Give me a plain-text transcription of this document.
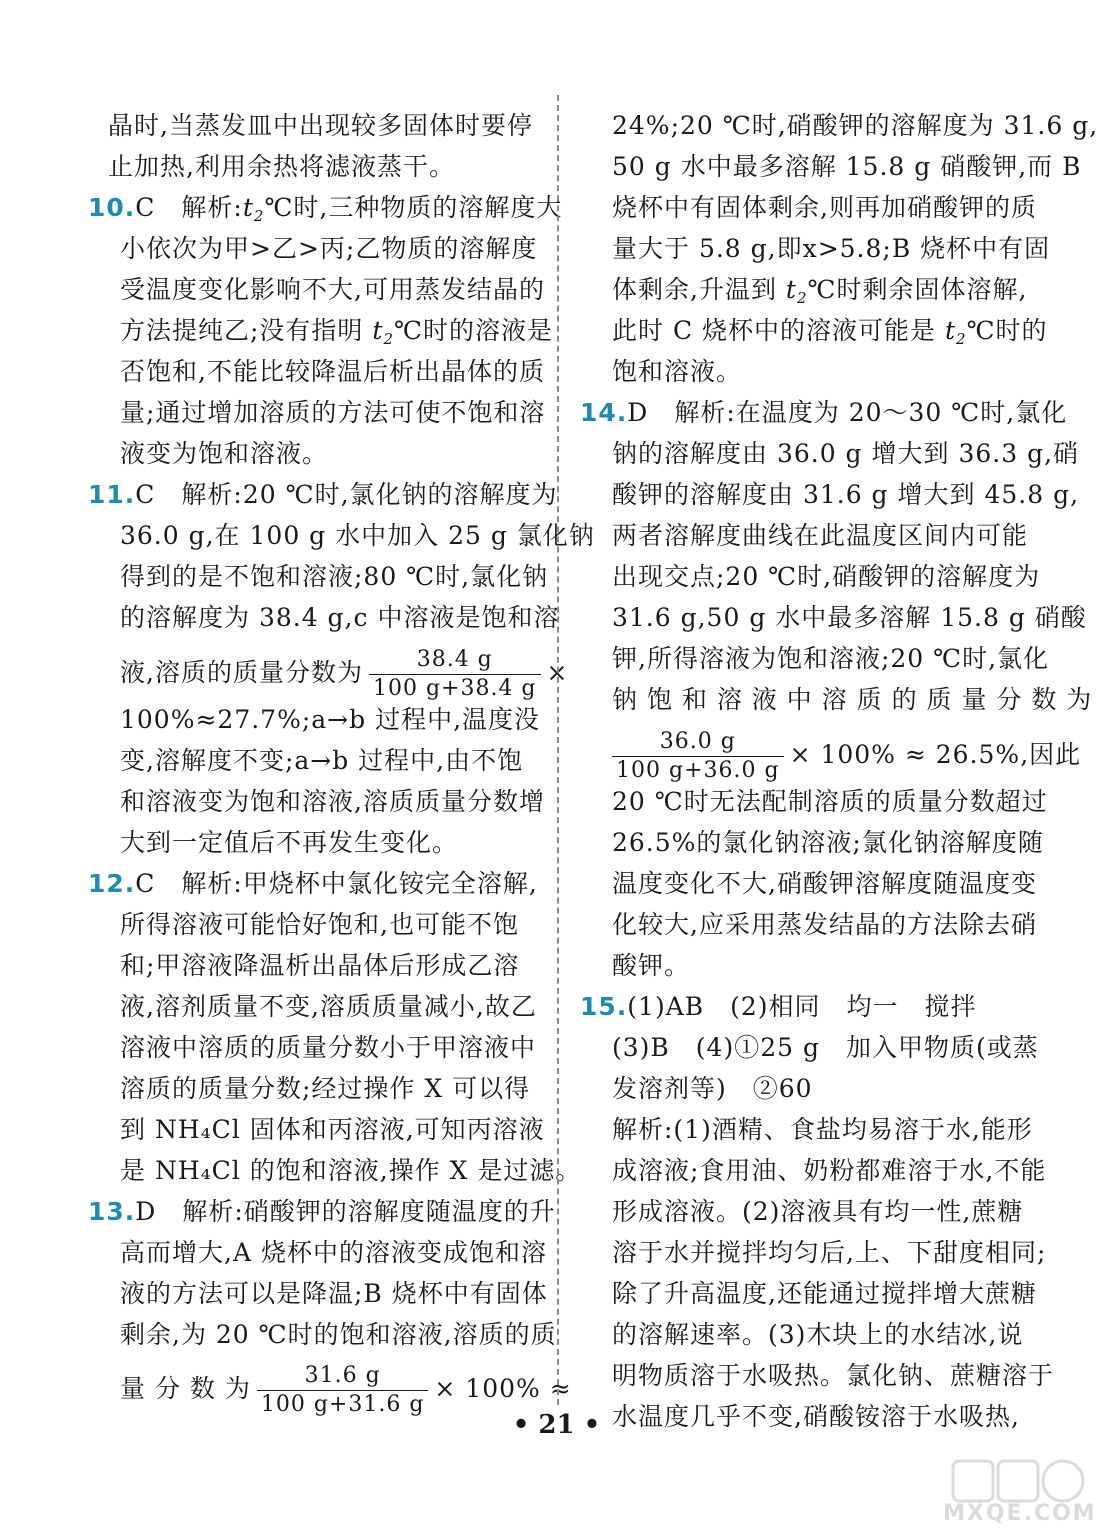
晶时,当蒸发皿中出现较多固体时要停
止加热,利用余热将滤液蒸干。
10.C　解析$:t_2℃$时,三种物质的溶解度大
小依次为甲>乙>丙;乙物质的溶解度
受温度变化影响不大,可用蒸发结晶的
方法提纯乙;没有指明 $t_2℃$时的溶液是
否饱和,不能比较降温后析出晶体的质
量;通过增加溶质的方法可使不饱和溶
液变为饱和溶液。
11.C　解析:20 ℃时,氯化钠的溶解度为
36.0 g,在 100 g 水中加入 25 g 氯化钠
得到的是不饱和溶液;80 ℃时,氯化钠
的溶解度为 38.4 g,c 中溶液是饱和溶
液,溶质的质量分数为 $\frac{38.4 g}{100 g+38.4 g}$ ×
100%≈27.7%;a→b 过程中,温度没
变,溶解度不变;a→b 过程中,由不饱
和溶液变为饱和溶液,溶质质量分数增
大到一定值后不再发生变化。
12.C　解析:甲烧杯中氯化铵完全溶解,
所得溶液可能恰好饱和,也可能不饱
和;甲溶液降温析出晶体后形成乙溶
液,溶剂质量不变,溶质质量减小,故乙
溶液中溶质的质量分数小于甲溶液中
溶质的质量分数;经过操作 X 可以得
到 NH₄Cl 固体和丙溶液,可知丙溶液
是 NH₄Cl 的饱和溶液,操作 X 是过滤。
13.D　解析:硝酸钾的溶解度随温度的升
高而增大,A 烧杯中的溶液变成饱和溶
液的方法可以是降温;B 烧杯中有固体
剩余,为 20 ℃时的饱和溶液,溶质的质
量 分 数 为 $\frac{31.6 g}{100 g+31.6 g} \times 100\%$ ≈
24%;20 ℃时,硝酸钾的溶解度为 31.6 g,
50 g 水中最多溶解 15.8 g 硝酸钾,而 B
烧杯中有固体剩余,则再加硝酸钾的质
量大于 5.8 g,即x>5.8;B 烧杯中有固
体剩余,升温到 $t_2℃$时剩余固体溶解,
此时 C 烧杯中的溶液可能是 $t_2℃$时的
饱和溶液。
14.D　解析:在温度为 20～30 ℃时,氯化
钠的溶解度由 36.0 g 增大到 36.3 g,硝
酸钾的溶解度由 31.6 g 增大到 45.8 g,
两者溶解度曲线在此温度区间内可能
出现交点;20 ℃时,硝酸钾的溶解度为
31.6 g,50 g 水中最多溶解 15.8 g 硝酸
钾,所得溶液为饱和溶液;20 ℃时,氯化
钠 饱 和 溶 液 中 溶 质 的 质 量 分 数 为
$\frac{36.0 g}{100 g+36.0 g} \times 100\% \approx 26.5\%$,因此
20 ℃时无法配制溶质的质量分数超过
26.5%的氯化钠溶液;氯化钠溶解度随
温度变化不大,硝酸钾溶解度随温度变
化较大,应采用蒸发结晶的方法除去硝
酸钾。
15.(1)AB　(2)相同　均一　搅拌
(3)B　(4)①25 g　加入甲物质(或蒸
发溶剂等)　②60
解析:(1)酒精、食盐均易溶于水,能形
成溶液;食用油、奶粉都难溶于水,不能
形成溶液。(2)溶液具有均一性,蔗糖
溶于水并搅拌均匀后,上、下甜度相同;
除了升高温度,还能通过搅拌增大蔗糖
的溶解速率。(3)木块上的水结冰,说
明物质溶于水吸热。氯化钠、蔗糖溶于
水温度几乎不变,硝酸铵溶于水吸热,
• 21 •
MXQE.COM
